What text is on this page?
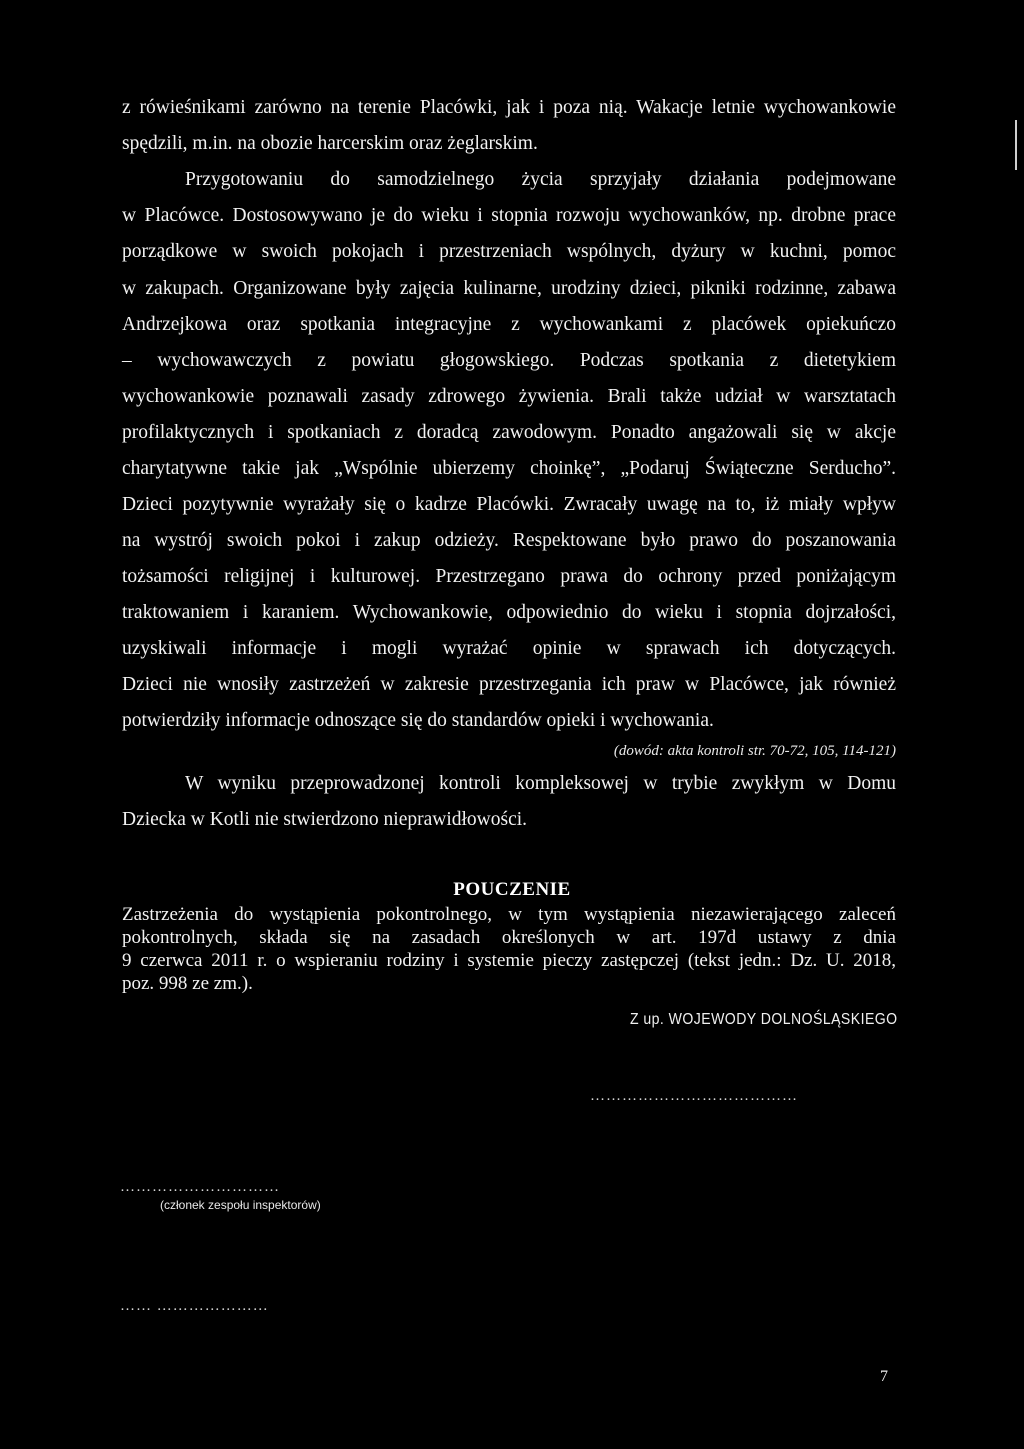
z rówieśnikami zarówno na terenie Placówki, jak i poza nią. Wakacje letnie wychowankowie
spędzili, m.in. na obozie harcerskim oraz żeglarskim.
Przygotowaniu do samodzielnego życia sprzyjały działania podejmowane
w Placówce. Dostosowywano je do wieku i stopnia rozwoju wychowanków, np. drobne prace
porządkowe w swoich pokojach i przestrzeniach wspólnych, dyżury w kuchni, pomoc
w zakupach. Organizowane były zajęcia kulinarne, urodziny dzieci, pikniki rodzinne, zabawa
Andrzejkowa oraz spotkania integracyjne z wychowankami z placówek opiekuńczo
– wychowawczych z powiatu głogowskiego. Podczas spotkania z dietetykiem
wychowankowie poznawali zasady zdrowego żywienia. Brali także udział w warsztatach
profilaktycznych i spotkaniach z doradcą zawodowym. Ponadto angażowali się w akcje
charytatywne takie jak „Wspólnie ubierzemy choinkę”, „Podaruj Świąteczne Serducho”.
Dzieci pozytywnie wyrażały się o kadrze Placówki. Zwracały uwagę na to, iż miały wpływ
na wystrój swoich pokoi i zakup odzieży. Respektowane było prawo do poszanowania
tożsamości religijnej i kulturowej. Przestrzegano prawa do ochrony przed poniżającym
traktowaniem i karaniem. Wychowankowie, odpowiednio do wieku i stopnia dojrzałości,
uzyskiwali informacje i mogli wyrażać opinie w sprawach ich dotyczących.
Dzieci nie wnosiły zastrzeżeń w zakresie przestrzegania ich praw w Placówce, jak również
potwierdziły informacje odnoszące się do standardów opieki i wychowania.
(dowód: akta kontroli str. 70-72, 105, 114-121)
W wyniku przeprowadzonej kontroli kompleksowej w trybie zwykłym w Domu
Dziecka w Kotli nie stwierdzono nieprawidłowości.
POUCZENIE
Zastrzeżenia do wystąpienia pokontrolnego, w tym wystąpienia niezawierającego zaleceń
pokontrolnych, składa się na zasadach określonych w art. 197d ustawy z dnia
9 czerwca 2011 r. o wspieraniu rodziny i systemie pieczy zastępczej (tekst jedn.: Dz. U. 2018,
poz. 998 ze zm.).
Z up. WOJEWODY DOLNOŚLĄSKIEGO
…………………………………
…………………………
(członek zespołu inspektorów)
…… …………………
7
